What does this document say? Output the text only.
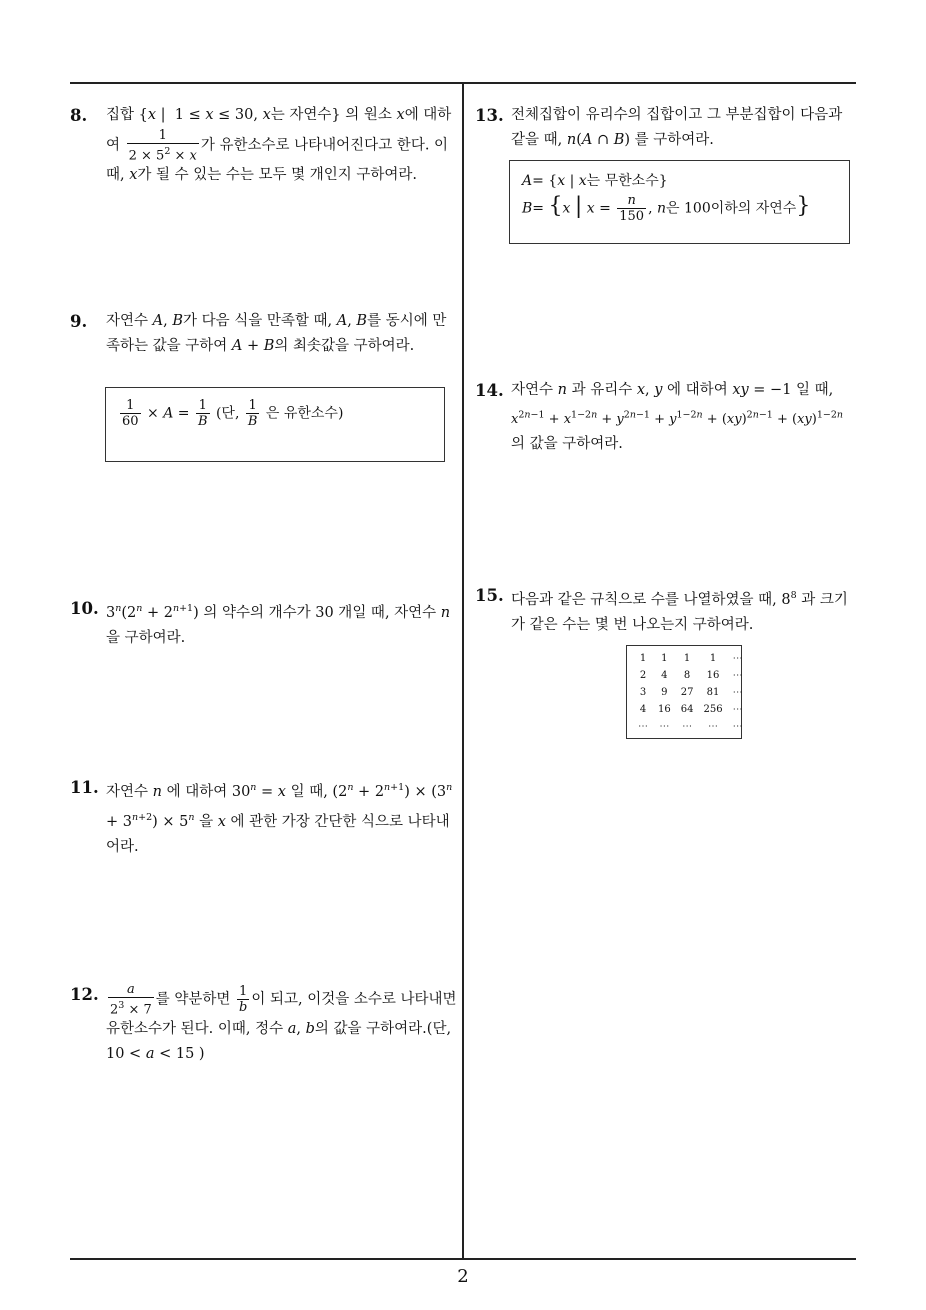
8. 집합 {x |  1 ≤ x ≤ 30, x는 자연수} 의 원소 x에 대하여 $\frac{1}{2 \times 5^2 \times x}$ 가 유한소수로 나타내어진다고 한다. 이때, x가 될 수 있는 수는 모두 몇 개인지 구하여라.
9. 자연수 A, B가 다음 식을 만족할 때, A, B를 동시에 만족하는 값을 구하여 A + B의 최솟값을 구하여라.
$\frac{1}{60} \times A = \frac{1}{B}$ (단, $\frac{1}{B}$ 은 유한소수)
10. $3^n(2^n + 2^{n+1})$ 의 약수의 개수가 30 개일 때, 자연수 n을 구하여라.
11. 자연수 n 에 대하여 $30^n = x$ 일 때, $(2^n + 2^{n+1}) \times (3^n + 3^{n+2}) \times 5^n$ 을 x 에 관한 가장 간단한 식으로 나타내어라.
12. $\frac{a}{2^3 \times 7}$ 를 약분하면 $\frac{1}{b}$ 이 되고, 이것을 소수로 나타내면 유한소수가 된다. 이때, 정수 a, b의 값을 구하여라.(단, 10 < a < 15 )
13. 전체집합이 유리수의 집합이고 그 부분집합이 다음과 같을 때, n(A ∩ B) 를 구하여라.
A= {x | x는 무한소수}
B= {x | $x = \frac{n}{150}$ , n은 100이하의 자연수}
14. 자연수 n 과 유리수 x, y 에 대하여 xy = −1 일 때,
$x^{2n-1} + x^{1-2n} + y^{2n-1} + y^{1-2n} + (xy)^{2n-1} + (xy)^{1-2n}$
의 값을 구하여라.
15. 다음과 같은 규칙으로 수를 나열하였을 때, $8^8$ 과 크기가 같은 수는 몇 번 나오는지 구하여라.
1	1	1	1	⋯
2	4	8	16	⋯
3	9	27	81	⋯
4	16	64	256	⋯
⋯	⋯	⋯	⋯	⋯
2
